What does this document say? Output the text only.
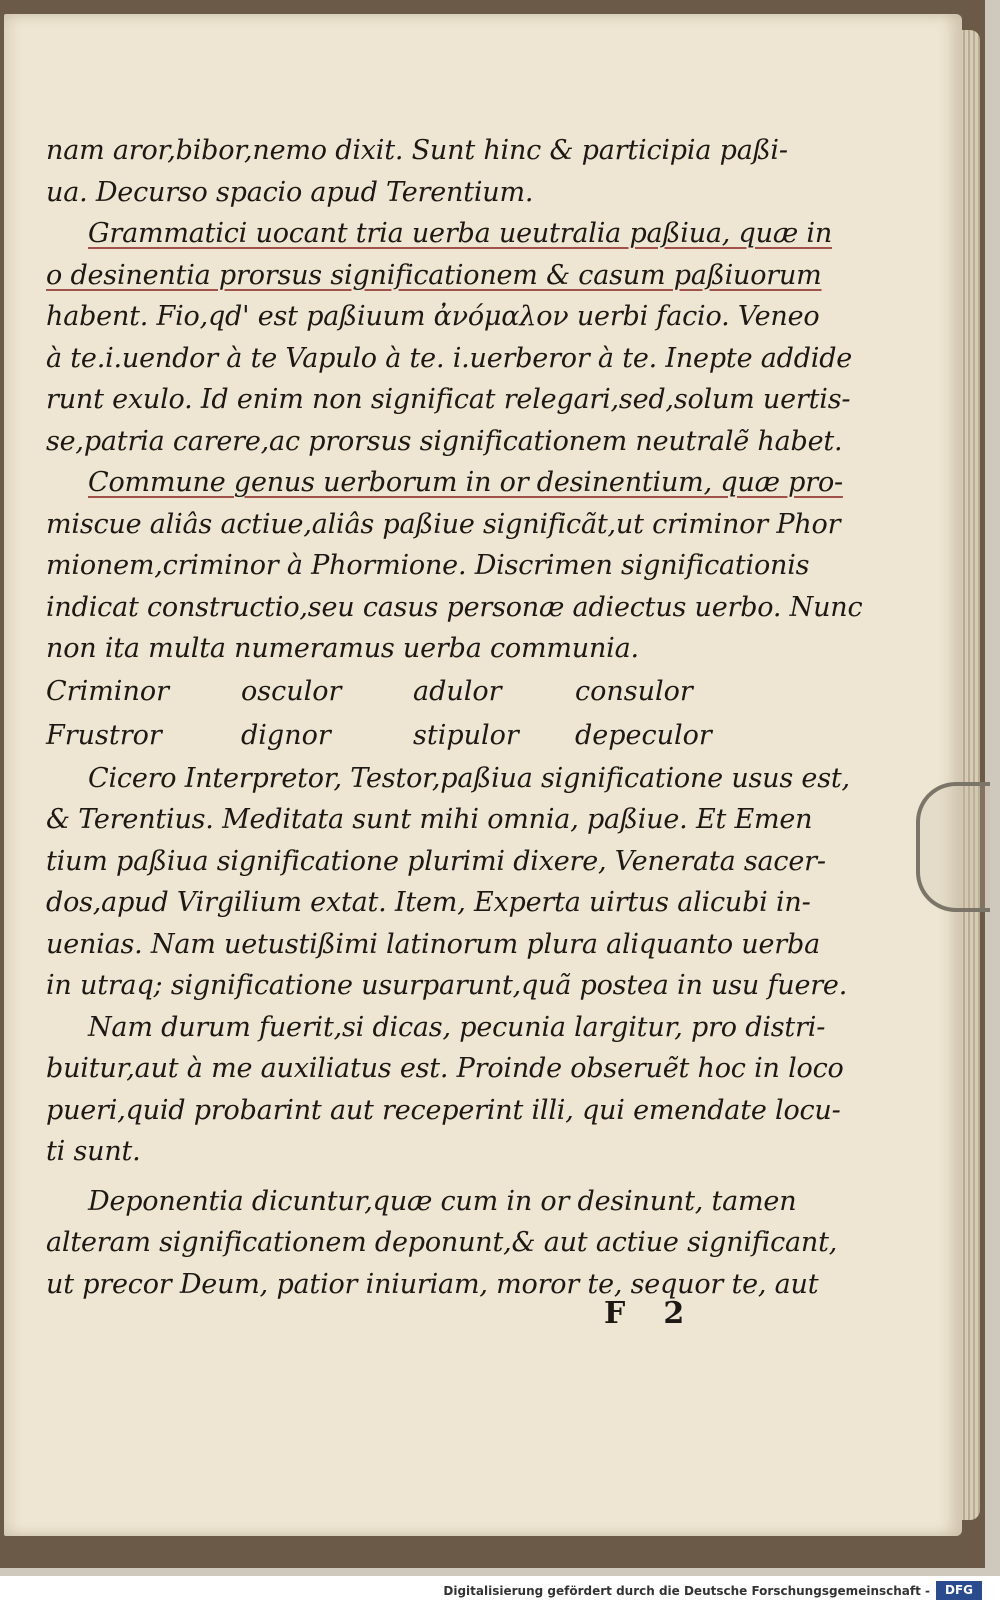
nam aror,bibor,nemo dixit. Sunt hinc & participia paßi-
ua. Decurso spacio apud Terentium.
Grammatici uocant tria uerba ueutralia paßiua, quæ in
o desinentia prorsus significationem & casum paßiuorum
habent. Fio,qd' est paßiuum ἀνόμαλον uerbi facio. Veneo
à te.i.uendor à te Vapulo à te. i.uerberor à te. Inepte addide
runt exulo. Id enim non significat relegari,sed,solum uertis-
se,patria carere,ac prorsus significationem neutralẽ habet.
Commune genus uerborum in or desinentium, quæ pro-
miscue aliâs actiue,aliâs paßiue significãt,ut criminor Phor
mionem,criminor à Phormione. Discrimen significationis
indicat constructio,seu casus personæ adiectus uerbo. Nunc
non ita multa numeramus uerba communia.
Criminor	osculor	adulor	consulor
Frustror	dignor	stipulor	depeculor
Cicero Interpretor, Testor,paßiua significatione usus est,
& Terentius. Meditata sunt mihi omnia, paßiue. Et Emen
tium paßiua significatione plurimi dixere, Venerata sacer-
dos,apud Virgilium extat. Item, Experta uirtus alicubi in-
uenias. Nam uetustißimi latinorum plura aliquanto uerba
in utraq; significatione usurparunt,quã postea in usu fuere.
Nam durum fuerit,si dicas, pecunia largitur, pro distri-
buitur,aut à me auxiliatus est. Proinde obseruẽt hoc in loco
pueri,quid probarint aut receperint illi, qui emendate locu-
ti sunt.
Deponentia dicuntur,quæ cum in or desinunt, tamen
alteram significationem deponunt,& aut actiue significant,
ut precor Deum, patior iniuriam, moror te, sequor te, aut
F 2
Digitalisierung gefördert durch die Deutsche Forschungsgemeinschaft -	DFG
